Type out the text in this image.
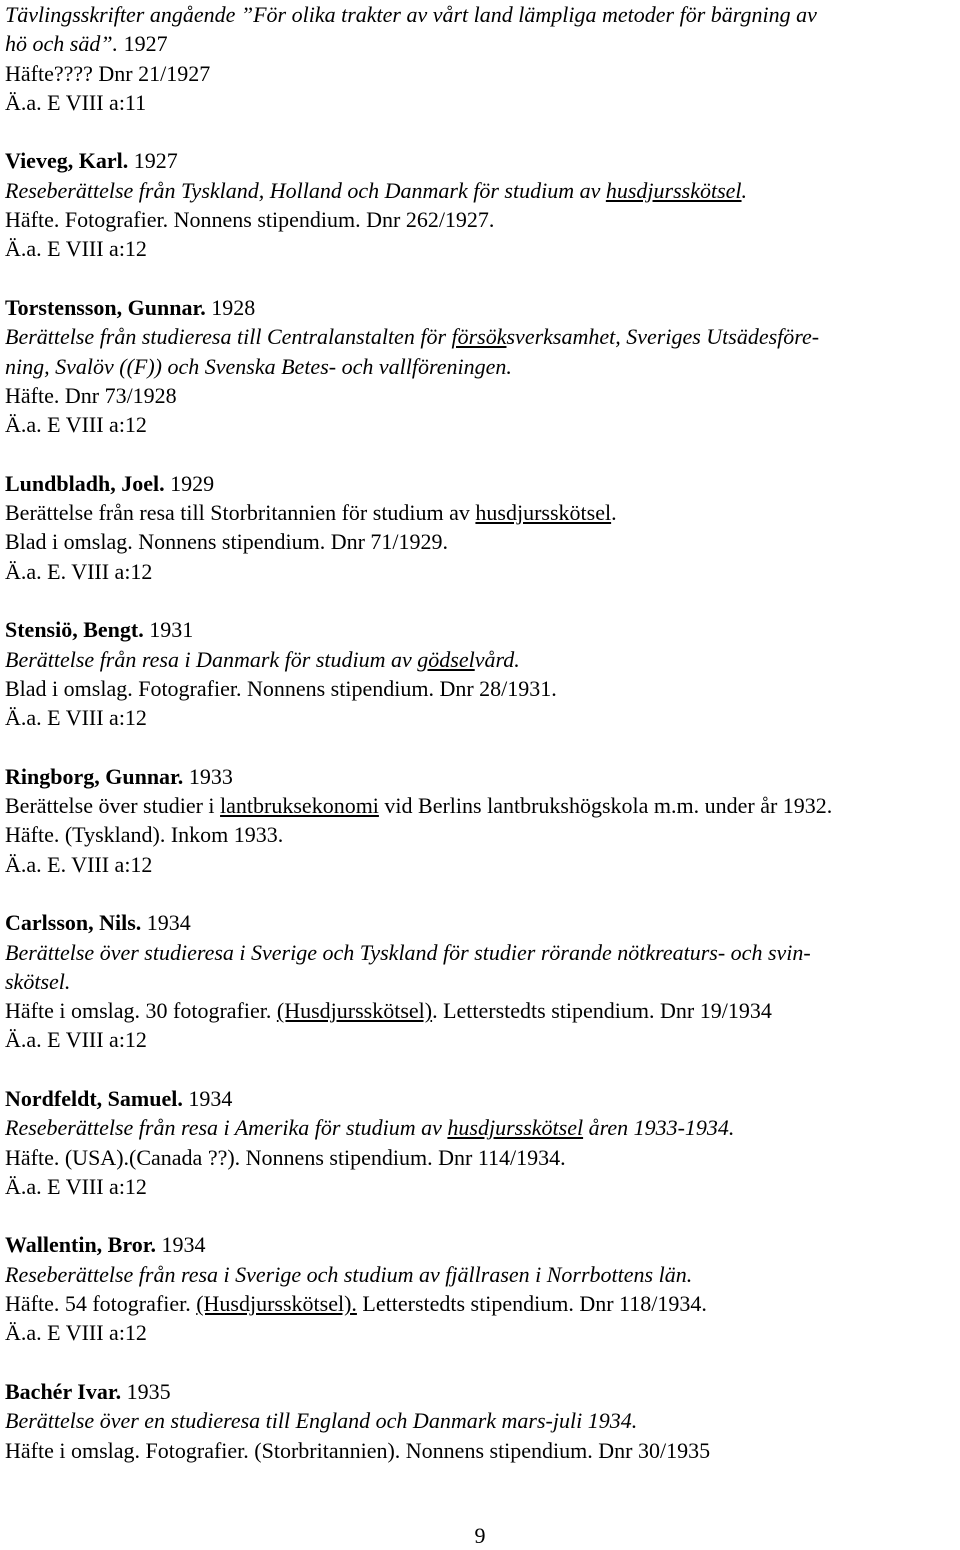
Tävlingsskrifter angående ”För olika trakter av vårt land lämpliga metoder för bärgning av
hö och säd”. 1927
Häfte???? Dnr 21/1927
Ä.a. E VIII a:11
Vieveg, Karl. 1927
Reseberättelse från Tyskland, Holland och Danmark för studium av husdjursskötsel.
Häfte. Fotografier. Nonnens stipendium. Dnr 262/1927.
Ä.a. E VIII a:12
Torstensson, Gunnar. 1928
Berättelse från studieresa till Centralanstalten för försöksverksamhet, Sveriges Utsädesföre-
ning, Svalöv ((F)) och Svenska Betes- och vallföreningen.
Häfte. Dnr 73/1928
Ä.a. E VIII a:12
Lundbladh, Joel. 1929
Berättelse från resa till Storbritannien för studium av husdjursskötsel.
Blad i omslag. Nonnens stipendium. Dnr 71/1929.
Ä.a. E. VIII a:12
Stensiö, Bengt. 1931
Berättelse från resa i Danmark för studium av gödselvård.
Blad i omslag. Fotografier. Nonnens stipendium. Dnr 28/1931.
Ä.a. E VIII a:12
Ringborg, Gunnar. 1933
Berättelse över studier i lantbruksekonomi vid Berlins lantbrukshögskola m.m. under år 1932.
Häfte. (Tyskland). Inkom 1933.
Ä.a. E. VIII a:12
Carlsson, Nils. 1934
Berättelse över studieresa i Sverige och Tyskland för studier rörande nötkreaturs- och svin-
skötsel.
Häfte i omslag. 30 fotografier. (Husdjursskötsel). Letterstedts stipendium. Dnr 19/1934
Ä.a. E VIII a:12
Nordfeldt, Samuel. 1934
Reseberättelse från resa i Amerika för studium av husdjursskötsel åren 1933-1934.
Häfte. (USA).(Canada ??). Nonnens stipendium. Dnr 114/1934.
Ä.a. E VIII a:12
Wallentin, Bror. 1934
Reseberättelse från resa i Sverige och studium av fjällrasen i Norrbottens län.
Häfte. 54 fotografier. (Husdjursskötsel). Letterstedts stipendium. Dnr 118/1934.
Ä.a. E VIII a:12
Bachér Ivar. 1935
Berättelse över en studieresa till England och Danmark mars-juli 1934.
Häfte i omslag. Fotografier. (Storbritannien). Nonnens stipendium. Dnr 30/1935
9
